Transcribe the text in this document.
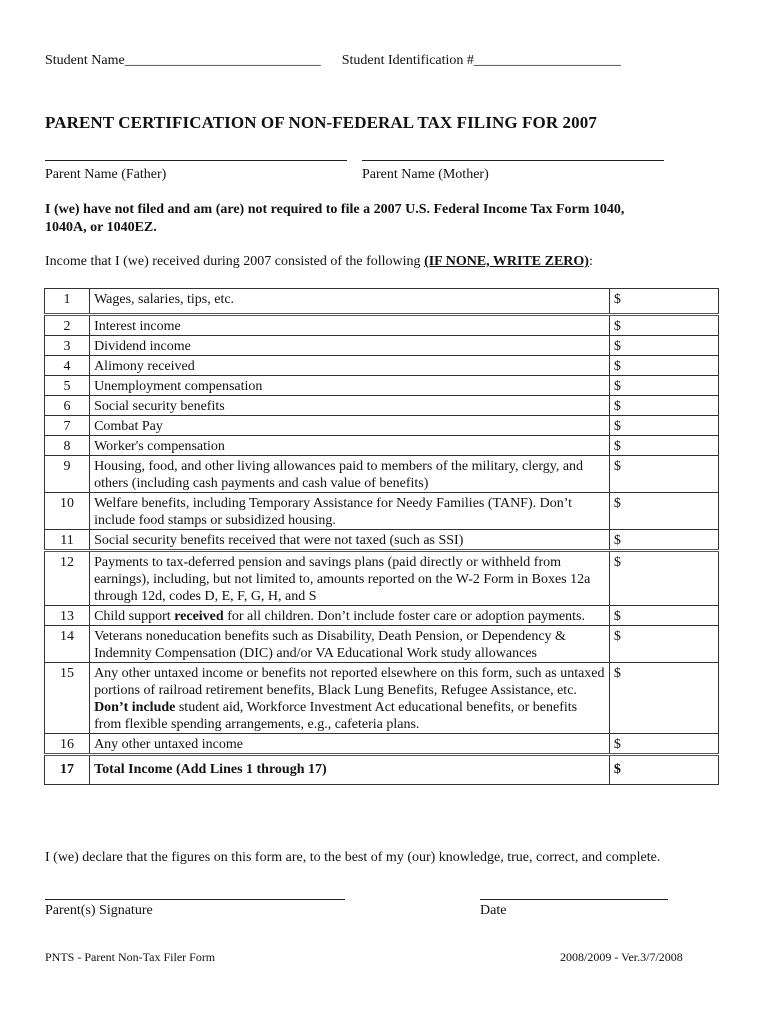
Student Name____________________________ Student Identification #_____________________
PARENT CERTIFICATION OF NON-FEDERAL TAX FILING FOR 2007
Parent Name (Father)	Parent Name (Mother)
I (we) have not filed and am (are) not required to file a 2007 U.S. Federal Income Tax Form 1040, 1040A, or 1040EZ.
Income that I (we) received during 2007 consisted of the following (IF NONE, WRITE ZERO):
1	Wages, salaries, tips, etc.	$
2	Interest income	$
3	Dividend income	$
4	Alimony received	$
5	Unemployment compensation	$
6	Social security benefits	$
7	Combat Pay	$
8	Worker's compensation	$
9	Housing, food, and other living allowances paid to members of the military, clergy, and others (including cash payments and cash value of benefits)	$
10	Welfare benefits, including Temporary Assistance for Needy Families (TANF). Don’t include food stamps or subsidized housing.	$
11	Social security benefits received that were not taxed (such as SSI)	$
12	Payments to tax-deferred pension and savings plans (paid directly or withheld from earnings), including, but not limited to, amounts reported on the W-2 Form in Boxes 12a through 12d, codes D, E, F, G, H, and S	$
13	Child support received for all children. Don’t include foster care or adoption payments.	$
14	Veterans noneducation benefits such as Disability, Death Pension, or Dependency & Indemnity Compensation (DIC) and/or VA Educational Work study allowances	$
15	Any other untaxed income or benefits not reported elsewhere on this form, such as untaxed portions of railroad retirement benefits, Black Lung Benefits, Refugee Assistance, etc. Don’t include student aid, Workforce Investment Act educational benefits, or benefits from flexible spending arrangements, e.g., cafeteria plans.	$
16	Any other untaxed income	$
17	Total Income (Add Lines 1 through 17)	$
I (we) declare that the figures on this form are, to the best of my (our) knowledge, true, correct, and complete.
Parent(s) Signature	Date
PNTS - Parent Non-Tax Filer Form	2008/2009 - Ver.3/7/2008
